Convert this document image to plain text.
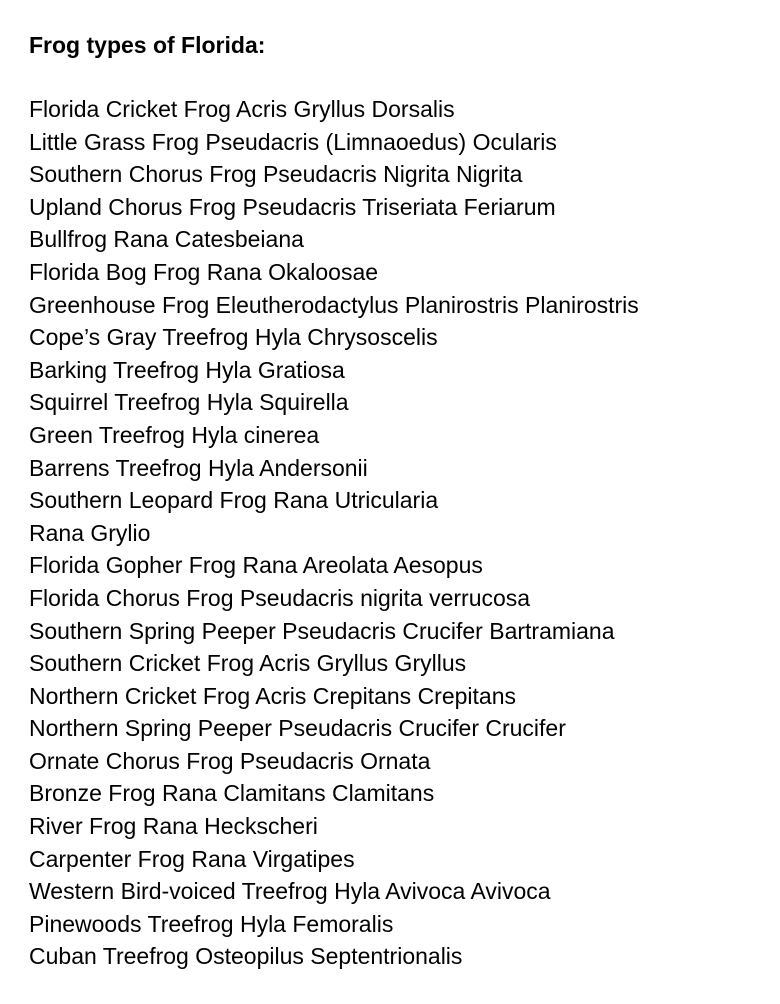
Frog types of Florida:
Florida Cricket Frog Acris Gryllus Dorsalis
Little Grass Frog Pseudacris (Limnaoedus) Ocularis
Southern Chorus Frog Pseudacris Nigrita Nigrita
Upland Chorus Frog Pseudacris Triseriata Feriarum
Bullfrog Rana Catesbeiana
Florida Bog Frog Rana Okaloosae
Greenhouse Frog Eleutherodactylus Planirostris Planirostris
Cope’s Gray Treefrog Hyla Chrysoscelis
Barking Treefrog Hyla Gratiosa
Squirrel Treefrog Hyla Squirella
Green Treefrog Hyla cinerea
Barrens Treefrog Hyla Andersonii
Southern Leopard Frog Rana Utricularia
Rana Grylio
Florida Gopher Frog Rana Areolata Aesopus
Florida Chorus Frog Pseudacris nigrita verrucosa
Southern Spring Peeper Pseudacris Crucifer Bartramiana
Southern Cricket Frog Acris Gryllus Gryllus
Northern Cricket Frog Acris Crepitans Crepitans
Northern Spring Peeper Pseudacris Crucifer Crucifer
Ornate Chorus Frog Pseudacris Ornata
Bronze Frog Rana Clamitans Clamitans
River Frog Rana Heckscheri
Carpenter Frog Rana Virgatipes
Western Bird-voiced Treefrog Hyla Avivoca Avivoca
Pinewoods Treefrog Hyla Femoralis
Cuban Treefrog Osteopilus Septentrionalis
